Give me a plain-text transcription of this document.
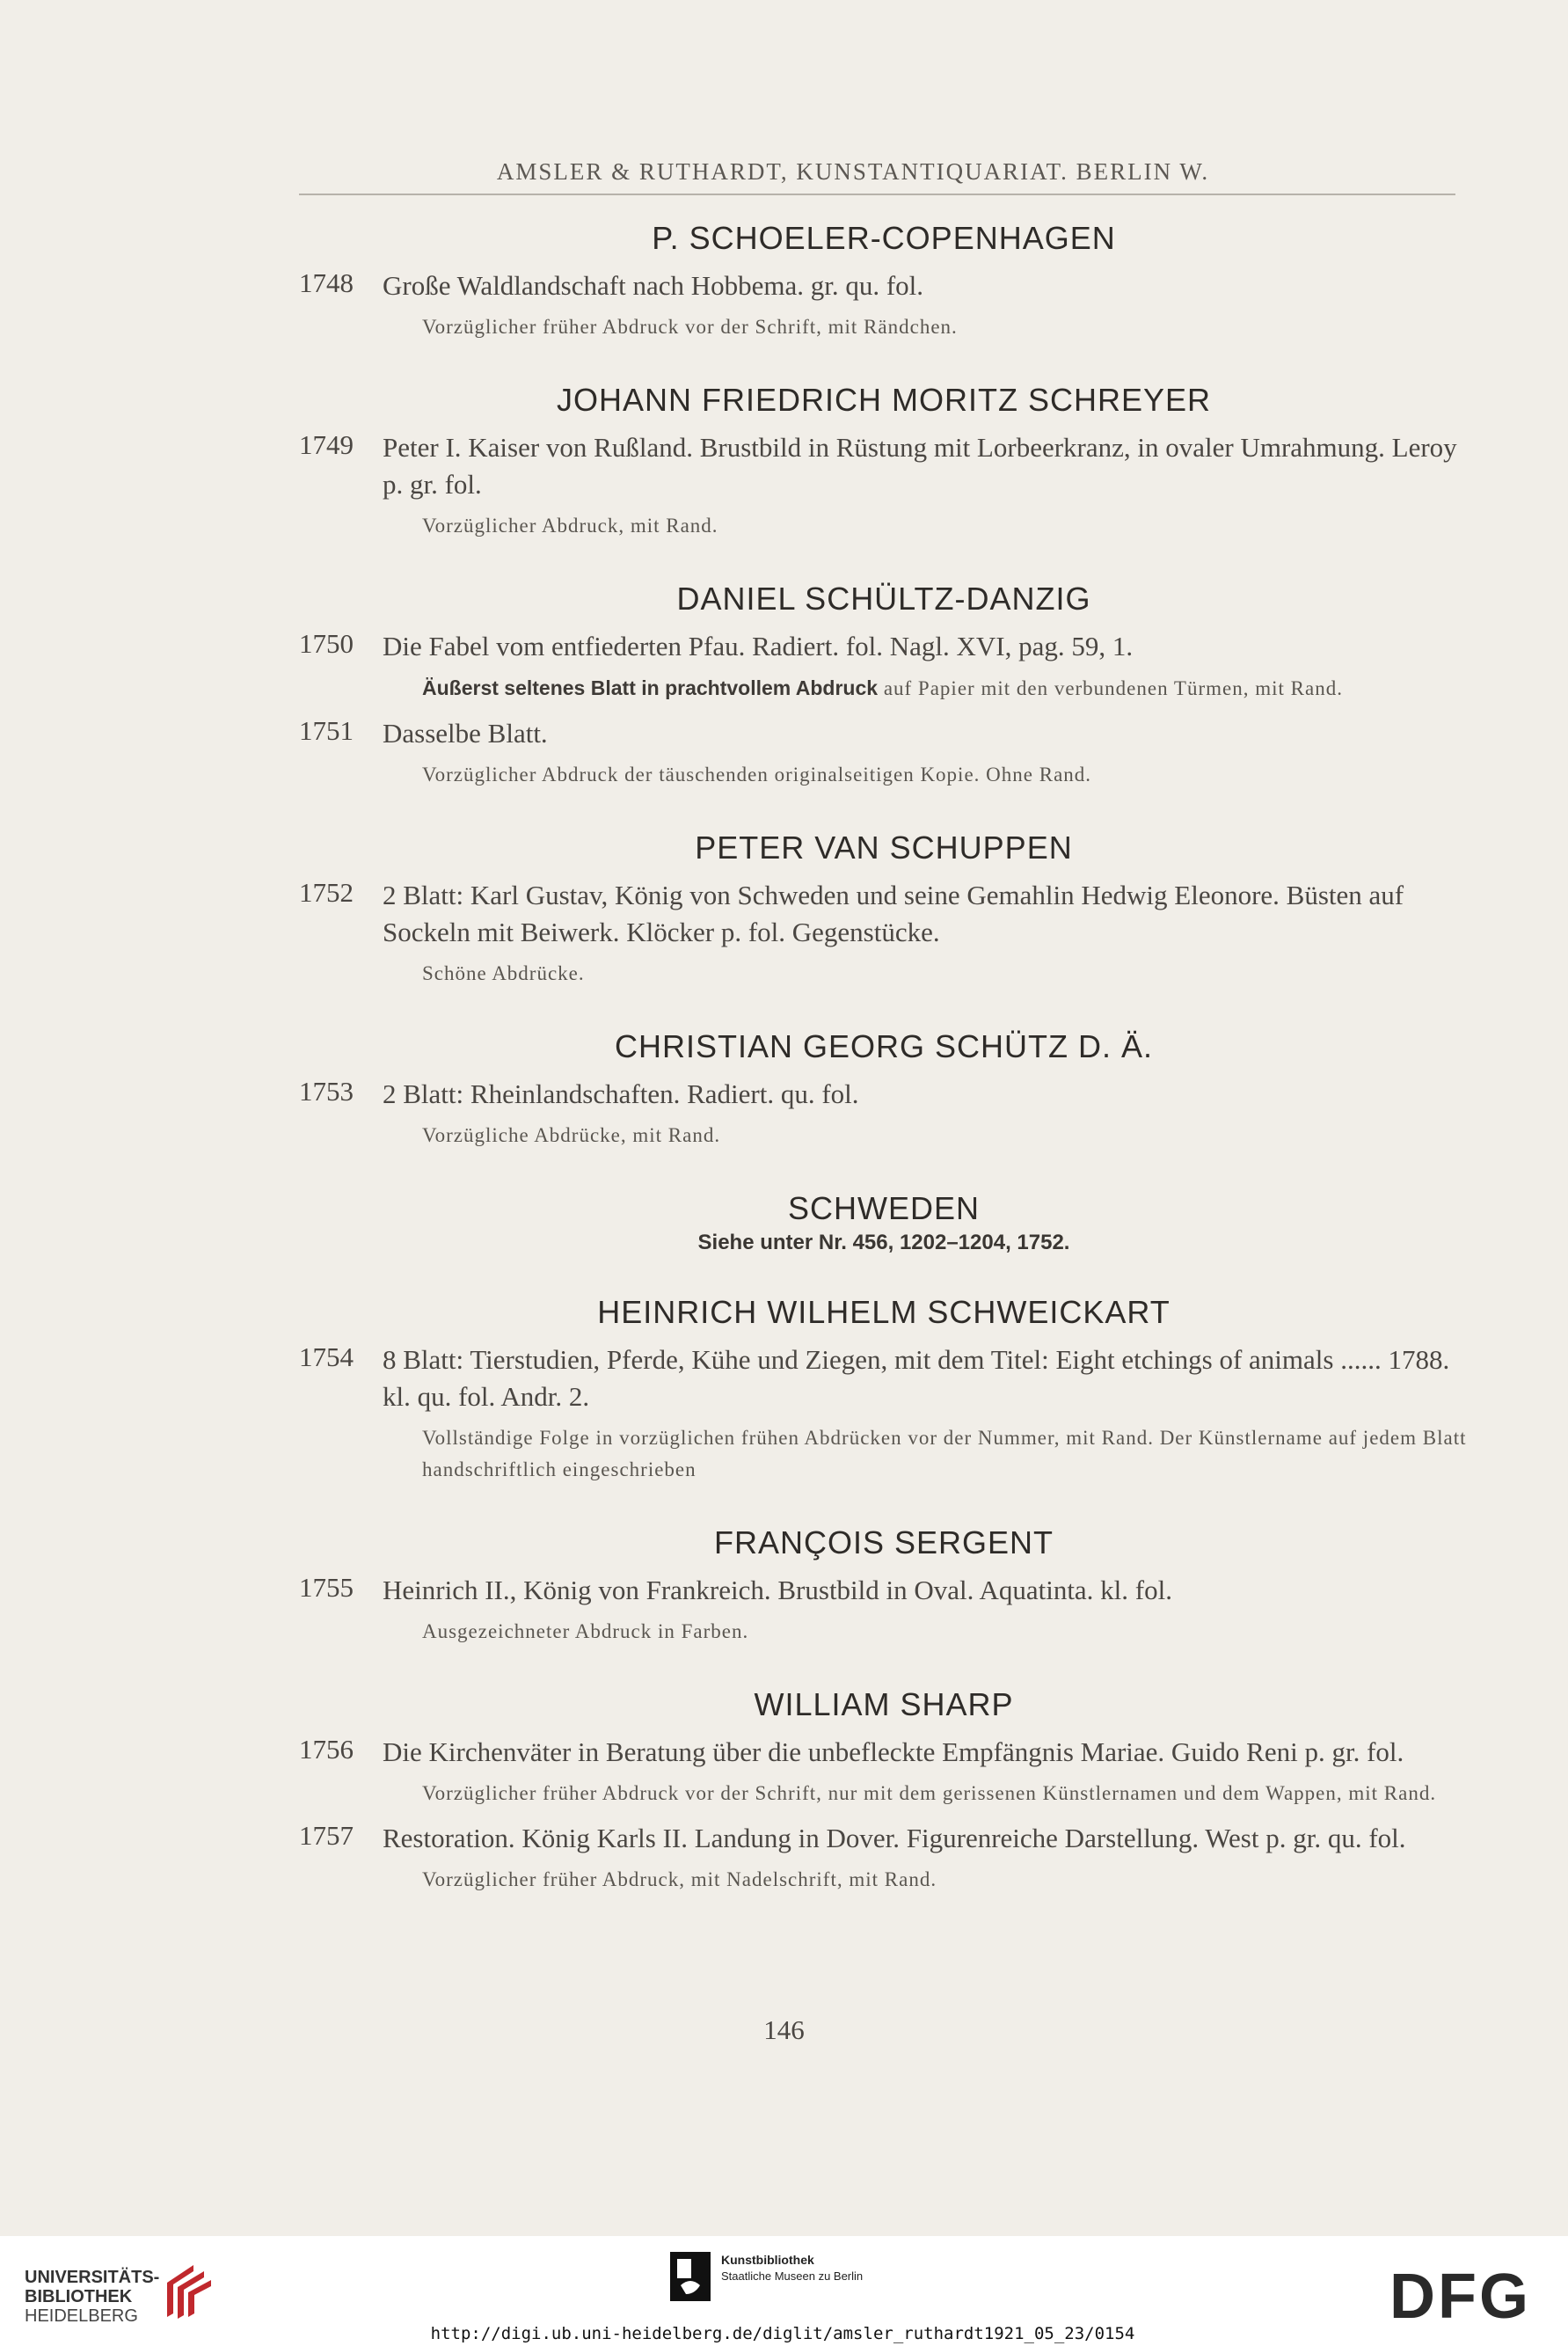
AMSLER & RUTHARDT, KUNSTANTIQUARIAT. BERLIN W.
P. SCHOELER-COPENHAGEN
1748 Große Waldlandschaft nach Hobbema. gr. qu. fol.
Vorzüglicher früher Abdruck vor der Schrift, mit Rändchen.
JOHANN FRIEDRICH MORITZ SCHREYER
1749 Peter I. Kaiser von Rußland. Brustbild in Rüstung mit Lorbeerkranz, in ovaler Umrahmung. Leroy p. gr. fol.
Vorzüglicher Abdruck, mit Rand.
DANIEL SCHÜLTZ-DANZIG
1750 Die Fabel vom entfiederten Pfau. Radiert. fol. Nagl. XVI, pag. 59, 1.
Äußerst seltenes Blatt in prachtvollem Abdruck auf Papier mit den verbundenen Türmen, mit Rand.
1751 Dasselbe Blatt.
Vorzüglicher Abdruck der täuschenden originalseitigen Kopie. Ohne Rand.
PETER VAN SCHUPPEN
1752 2 Blatt: Karl Gustav, König von Schweden und seine Gemahlin Hedwig Eleonore. Büsten auf Sockeln mit Beiwerk. Klöcker p. fol. Gegenstücke.
Schöne Abdrücke.
CHRISTIAN GEORG SCHÜTZ D. Ä.
1753 2 Blatt: Rheinlandschaften. Radiert. qu. fol.
Vorzügliche Abdrücke, mit Rand.
SCHWEDEN
Siehe unter Nr. 456, 1202–1204, 1752.
HEINRICH WILHELM SCHWEICKART
1754 8 Blatt: Tierstudien, Pferde, Kühe und Ziegen, mit dem Titel: Eight etchings of animals ...... 1788. kl. qu. fol. Andr. 2.
Vollständige Folge in vorzüglichen frühen Abdrücken vor der Nummer, mit Rand. Der Künstlername auf jedem Blatt handschriftlich eingeschrieben
FRANÇOIS SERGENT
1755 Heinrich II., König von Frankreich. Brustbild in Oval. Aquatinta. kl. fol.
Ausgezeichneter Abdruck in Farben.
WILLIAM SHARP
1756 Die Kirchenväter in Beratung über die unbefleckte Empfängnis Mariae. Guido Reni p. gr. fol.
Vorzüglicher früher Abdruck vor der Schrift, nur mit dem gerissenen Künstlernamen und dem Wappen, mit Rand.
1757 Restoration. König Karls II. Landung in Dover. Figurenreiche Darstellung. West p. gr. qu. fol.
Vorzüglicher früher Abdruck, mit Nadelschrift, mit Rand.
146
UNIVERSITÄTS-
BIBLIOTHEK
HEIDELBERG
Kunstbibliothek
Staatliche Museen zu Berlin	DFG
http://digi.ub.uni-heidelberg.de/diglit/amsler_ruthardt1921_05_23/0154
